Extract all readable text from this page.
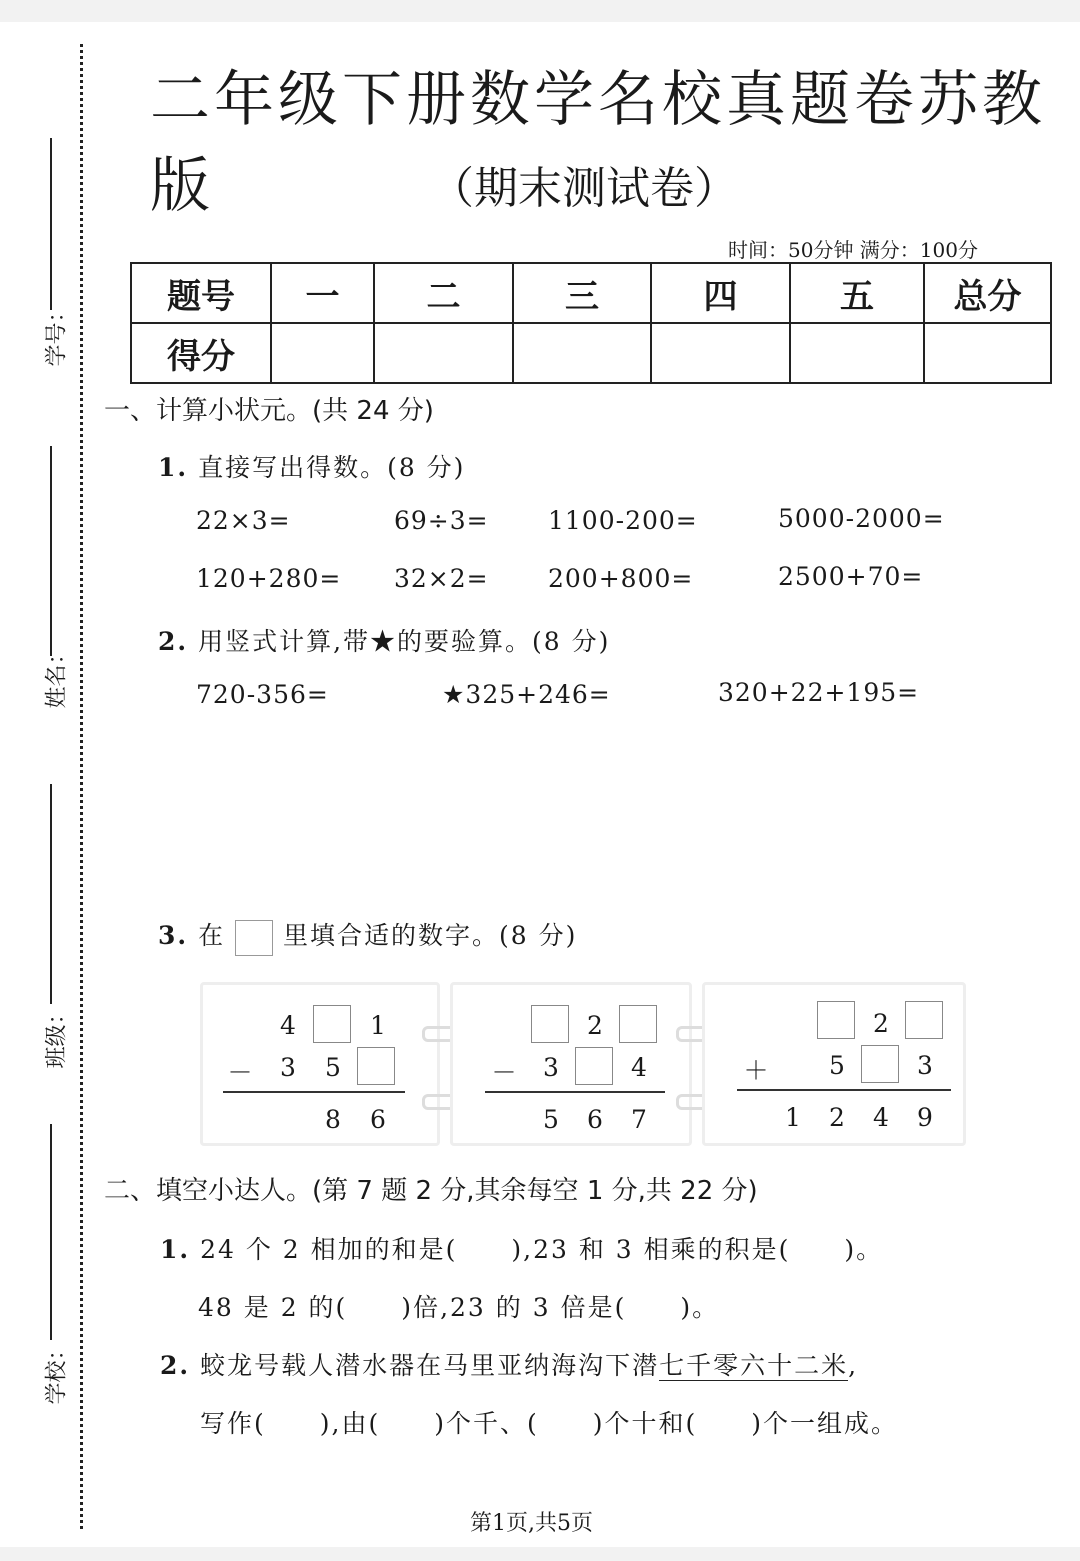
学号：
姓名：
班级：
学校：
二年级下册数学名校真题卷苏教版	（期末测试卷）
时间：50分钟 满分：100分
题号	一	二	三	四	五	总分
得分						
一、计算小状元。(共 24 分)
1. 直接写出得数。(8 分)
22×3=	69÷3= 1100-200=	5000-2000=
120+280= 32×2= 200+800=	2500+70=
2. 用竖式计算,带★的要验算。(8 分)
720-356=	★325+246=	320+22+195=
3. 在 里填合适的数字。(8 分)
4	1
－ 3 5
8 6
2
－ 3	4
5 6 7
2
＋ 5	3
1 2 4 9
二、填空小达人。(第 7 题 2 分,其余每空 1 分,共 22 分)
1. 24 个 2 相加的和是(　　),23 和 3 相乘的积是(　　)。
48 是 2 的(　　)倍,23 的 3 倍是(　　)。
2. 蛟龙号载人潜水器在马里亚纳海沟下潜七千零六十二米,
写作(　　),由(　　)个千、(　　)个十和(　　)个一组成。
第1页,共5页
